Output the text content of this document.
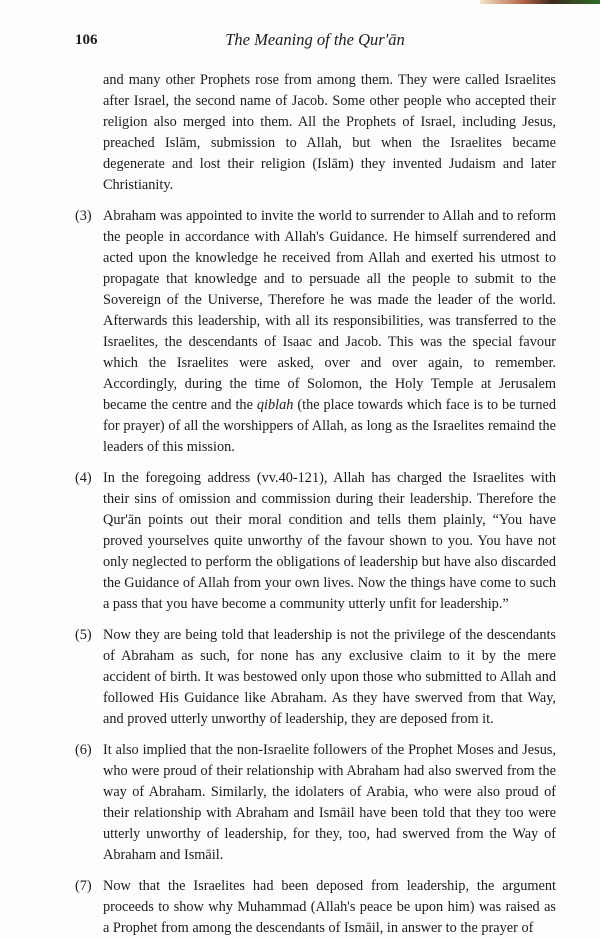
106	The Meaning of the Qur'ān

and many other Prophets rose from among them. They were called Israelites after Israel, the second name of Jacob. Some other people who accepted their religion also merged into them. All the Prophets of Israel, including Jesus, preached Islām, submission to Allah, but when the Israelites became degenerate and lost their religion (Islām) they invented Judaism and later Christianity.

(3) Abraham was appointed to invite the world to surrender to Allah and to reform the people in accordance with Allah's Guidance. He himself surrendered and acted upon the knowledge he received from Allah and exerted his utmost to propagate that knowledge and to persuade all the people to submit to the Sovereign of the Universe, Therefore he was made the leader of the world. Afterwards this leadership, with all its responsibilities, was transferred to the Israelites, the descendants of Isaac and Jacob. This was the special favour which the Israelites were asked, over and over again, to remember. Accordingly, during the time of Solomon, the Holy Temple at Jerusalem became the centre and the qiblah (the place towards which face is to be turned for prayer) of all the worshippers of Allah, as long as the Israelites remaind the leaders of this mission.

(4) In the foregoing address (vv.40-121), Allah has charged the Israelites with their sins of omission and commission during their leadership. Therefore the Qur'ān points out their moral condition and tells them plainly, “You have proved yourselves quite unworthy of the favour shown to you. You have not only neglected to perform the obligations of leadership but have also discarded the Guidance of Allah from your own lives. Now the things have come to such a pass that you have become a community utterly unfit for leadership.”

(5) Now they are being told that leadership is not the privilege of the descendants of Abraham as such, for none has any exclusive claim to it by the mere accident of birth. It was bestowed only upon those who submitted to Allah and followed His Guidance like Abraham. As they have swerved from that Way, and proved utterly unworthy of leadership, they are deposed from it.

(6) It also implied that the non-Israelite followers of the Prophet Moses and Jesus, who were proud of their relationship with Abraham had also swerved from the way of Abraham. Similarly, the idolaters of Arabia, who were also proud of their relationship with Abraham and Ismāil have been told that they too were utterly unworthy of leadership, for they, too, had swerved from the Way of Abraham and Ismāil.

(7) Now that the Israelites had been deposed from leadership, the argument proceeds to show why Muhammad (Allah's peace be upon him) was raised as a Prophet from among the descendants of Ismāil, in answer to the prayer of
